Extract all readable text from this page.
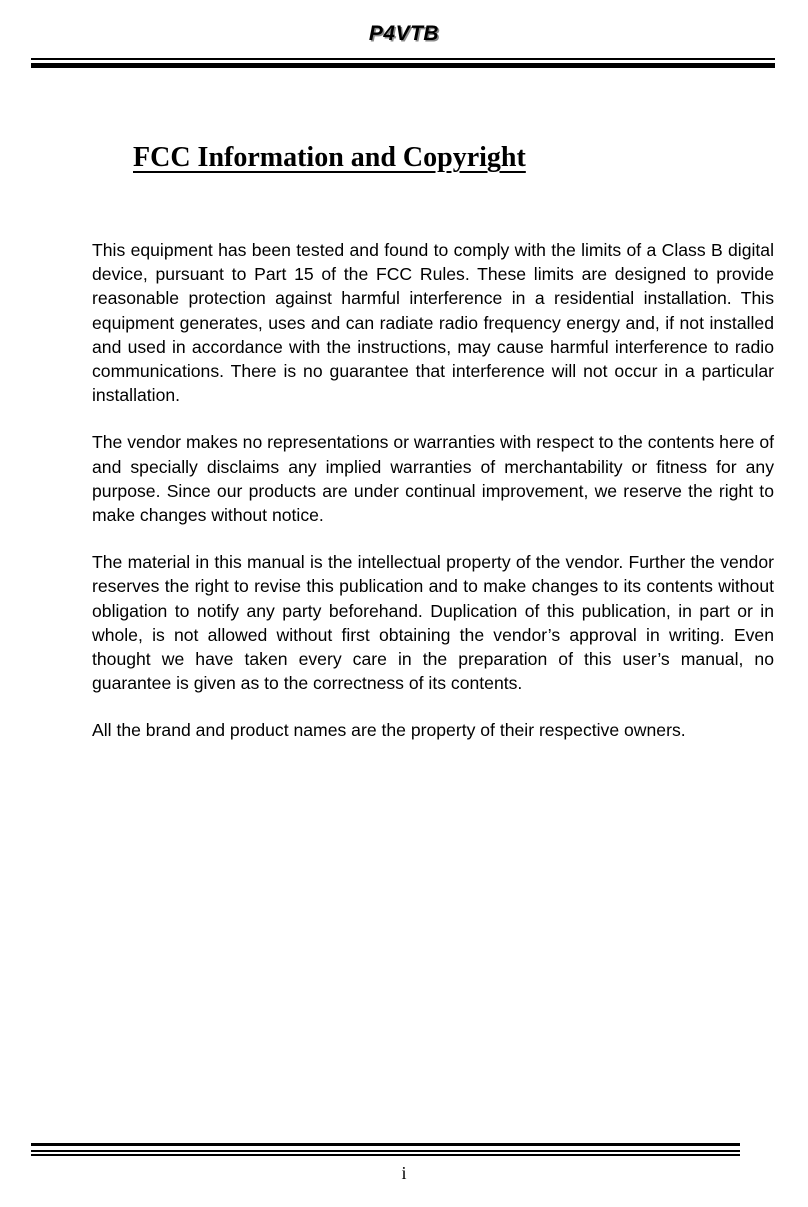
P4VTB
FCC Information and Copyright

This equipment has been tested and found to comply with the limits of a Class B digital device, pursuant to Part 15 of the FCC Rules. These limits are designed to provide reasonable protection against harmful interference in a residential installation. This equipment generates, uses and can radiate radio frequency energy and, if not installed and used in accordance with the instructions, may cause harmful interference to radio communications. There is no guarantee that interference will not occur in a particular installation.

The vendor makes no representations or warranties with respect to the contents here of and specially disclaims any implied warranties of merchantability or fitness for any purpose. Since our products are under continual improvement, we reserve the right to make changes without notice.

The material in this manual is the intellectual property of the vendor. Further the vendor reserves the right to revise this publication and to make changes to its contents without obligation to notify any party beforehand. Duplication of this publication, in part or in whole, is not allowed without first obtaining the vendor’s approval in writing. Even thought we have taken every care in the preparation of this user’s manual, no guarantee is given as to the correctness of its contents.

All the brand and product names are the property of their respective owners.

i
